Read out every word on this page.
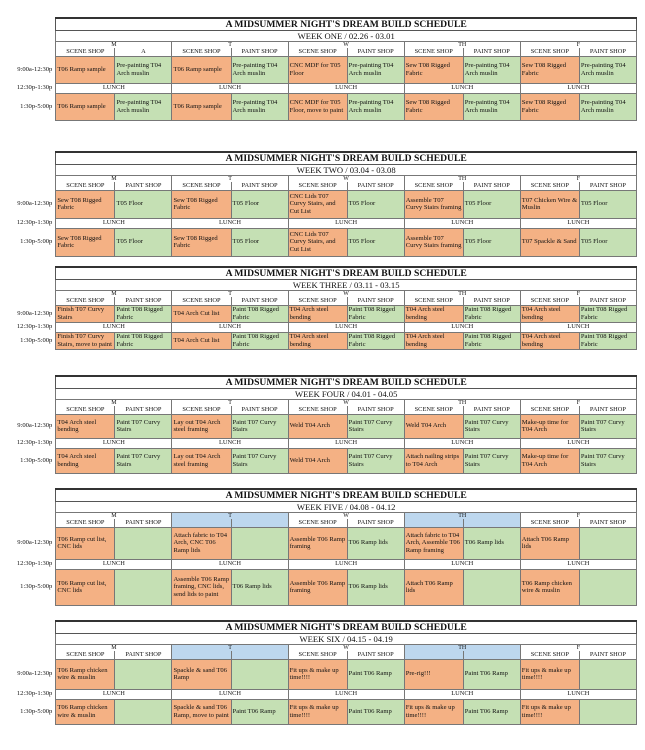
	A MIDSUMMER NIGHT'S DREAM BUILD SCHEDULE									
	WEEK ONE / 02.26 - 03.01									
	M		T		W		TH		F	
	SCENE SHOP	A	SCENE SHOP	PAINT SHOP	SCENE SHOP	PAINT SHOP	SCENE SHOP	PAINT SHOP	SCENE SHOP	PAINT SHOP
9:00a-12:30p	T06 Ramp sample	Pre-painting T04 Arch muslin	T06 Ramp sample	Pre-painting T04 Arch muslin	CNC MDF for T05 Floor	Pre-painting T04 Arch muslin	Sew T08 Rigged Fabric	Pre-painting T04 Arch muslin	Sew T08 Rigged Fabric	Pre-painting T04 Arch muslin
12:30p-1:30p	LUNCH		LUNCH		LUNCH		LUNCH		LUNCH	
1:30p-5:00p	T06 Ramp sample	Pre-painting T04 Arch muslin	T06 Ramp sample	Pre-painting T04 Arch muslin	CNC MDF for T05 Floor, move to paint	Pre-painting T04 Arch muslin	Sew T08 Rigged Fabric	Pre-painting T04 Arch muslin	Sew T08 Rigged Fabric	Pre-painting T04 Arch muslin
	A MIDSUMMER NIGHT'S DREAM BUILD SCHEDULE									
	WEEK TWO / 03.04 - 03.08									
	M		T		W		TH		F	
	SCENE SHOP	PAINT SHOP	SCENE SHOP	PAINT SHOP	SCENE SHOP	PAINT SHOP	SCENE SHOP	PAINT SHOP	SCENE SHOP	PAINT SHOP
9:00a-12:30p	Sew T08 Rigged Fabric	T05 Floor	Sew T08 Rigged Fabric	T05 Floor	CNC Lids T07 Curvy Stairs, and Cut List	T05 Floor	Assemble T07 Curvy Stairs framing	T05 Floor	T07 Chicken Wire & Muslin	T05 Floor
12:30p-1:30p	LUNCH		LUNCH		LUNCH		LUNCH		LUNCH	
1:30p-5:00p	Sew T08 Rigged Fabric	T05 Floor	Sew T08 Rigged Fabric	T05 Floor	CNC Lids T07 Curvy Stairs, and Cut List	T05 Floor	Assemble T07 Curvy Stairs framing	T05 Floor	T07 Spackle & Sand	T05 Floor
	A MIDSUMMER NIGHT'S DREAM BUILD SCHEDULE									
	WEEK THREE / 03.11 - 03.15									
	M		T		W		TH		F	
	SCENE SHOP	PAINT SHOP	SCENE SHOP	PAINT SHOP	SCENE SHOP	PAINT SHOP	SCENE SHOP	PAINT SHOP	SCENE SHOP	PAINT SHOP
9:00a-12:30p	Finish T07 Curvy Stairs	Paint T08 Rigged Fabric	T04 Arch Cut list	Paint T08 Rigged Fabric	T04 Arch steel bending	Paint T08 Rigged Fabric	T04 Arch steel bending	Paint T08 Rigged Fabric	T04 Arch steel bending	Paint T08 Rigged Fabric
12:30p-1:30p	LUNCH		LUNCH		LUNCH		LUNCH		LUNCH	
1:30p-5:00p	Finish T07 Curvy Stairs, move to paint	Paint T08 Rigged Fabric	T04 Arch Cut list	Paint T08 Rigged Fabric	T04 Arch steel bending	Paint T08 Rigged Fabric	T04 Arch steel bending	Paint T08 Rigged Fabric	T04 Arch steel bending	Paint T08 Rigged Fabric
	A MIDSUMMER NIGHT'S DREAM BUILD SCHEDULE									
	WEEK FOUR / 04.01 - 04.05									
	M		T		W		TH		F	
	SCENE SHOP	PAINT SHOP	SCENE SHOP	PAINT SHOP	SCENE SHOP	PAINT SHOP	SCENE SHOP	PAINT SHOP	SCENE SHOP	PAINT SHOP
9:00a-12:30p	T04 Arch steel bending	Paint T07 Curvy Stairs	Lay out T04 Arch steel framing	Paint T07 Curvy Stairs	Weld T04 Arch	Paint T07 Curvy Stairs	Weld T04 Arch	Paint T07 Curvy Stairs	Make-up time for T04 Arch	Paint T07 Curvy Stairs
12:30p-1:30p	LUNCH		LUNCH		LUNCH		LUNCH		LUNCH	
1:30p-5:00p	T04 Arch steel bending	Paint T07 Curvy Stairs	Lay out T04 Arch steel framing	Paint T07 Curvy Stairs	Weld T04 Arch	Paint T07 Curvy Stairs	Attach nailing strips to T04 Arch	Paint T07 Curvy Stairs	Make-up time for T04 Arch	Paint T07 Curvy Stairs
	A MIDSUMMER NIGHT'S DREAM BUILD SCHEDULE									
	WEEK FIVE / 04.08 - 04.12									
	M		T		W		TH		F	
	SCENE SHOP	PAINT SHOP			SCENE SHOP	PAINT SHOP			SCENE SHOP	PAINT SHOP
9:00a-12:30p	T06 Ramp cut list, CNC lids		Attach fabric to T04 Arch, CNC T06 Ramp lids		Assemble T06 Ramp framing	T06 Ramp lids	Attach fabric to T04 Arch, Assemble T06 Ramp framing	T06 Ramp lids	Attach T06 Ramp lids	
12:30p-1:30p	LUNCH		LUNCH		LUNCH		LUNCH		LUNCH	
1:30p-5:00p	T06 Ramp cut list, CNC lids		Assemble T06 Ramp framing, CNC lids, send lids to paint	T06 Ramp lids	Assemble T06 Ramp framing	T06 Ramp lids	Attach T06 Ramp lids		T06 Ramp chicken wire & muslin	
	A MIDSUMMER NIGHT'S DREAM BUILD SCHEDULE									
	WEEK SIX / 04.15 - 04.19									
	M		T		W		TH		F	
	SCENE SHOP	PAINT SHOP			SCENE SHOP	PAINT SHOP			SCENE SHOP	PAINT SHOP
9:00a-12:30p	T06 Ramp chicken wire & muslin		Spackle & sand T06 Ramp		Fit ups & make up time!!!!	Paint T06 Ramp	Pre-rig!!!	Paint T06 Ramp	Fit ups & make up time!!!!	
12:30p-1:30p	LUNCH		LUNCH		LUNCH		LUNCH		LUNCH	
1:30p-5:00p	T06 Ramp chicken wire & muslin		Spackle & sand T06 Ramp, move to paint	Paint T06 Ramp	Fit ups & make up time!!!!	Paint T06 Ramp	Fit ups & make up time!!!!	Paint T06 Ramp	Fit ups & make up time!!!!	
